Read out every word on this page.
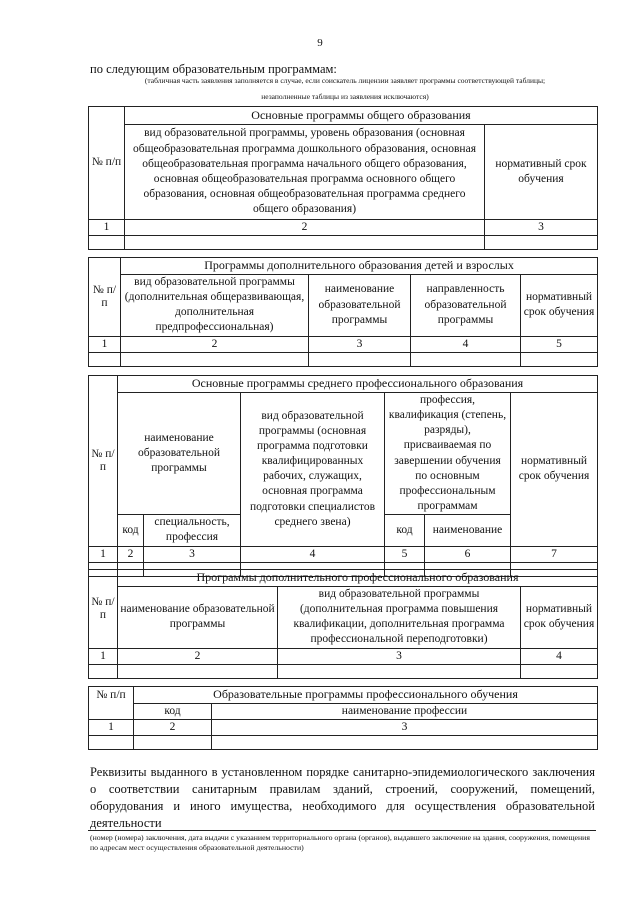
9
по следующим образовательным программам:
(табличная часть заявления заполняется в случае, если соискатель лицензии заявляет программы соответствующей таблицы;
незаполненные таблицы из заявления исключаются)
№ п/п	Основные программы общего образования	
	вид образовательной программы, уровень образования (основная общеобразовательная программа дошкольного образования, основная общеобразовательная программа начального общего образования, основная общеобразовательная программа основного общего образования, основная общеобразовательная программа среднего общего образования)	нормативный срок обучения
1	2	3

№ п/п	Программы дополнительного образования детей и взрослых			
	вид образовательной программы (дополнительная общеразвивающая, дополнительная предпрофессиональная)	наименование образовательной программы	направленность образовательной программы	нормативный срок обучения
1	2	3	4	5

№ п/п	Основные программы среднего профессионального образования					
	наименование образовательной программы		вид образовательной программы (основная программа подготовки квалифицированных рабочих, служащих, основная программа подготовки специалистов среднего звена)	профессия, квалификация (степень, разряды), присваиваемая по завершении обучения по основным профессиональным программам		нормативный срок обучения
	код	специальность, профессия		код	наименование	
1	2	3	4	5	6	7

№ п/п	Программы дополнительного профессионального образования		
	наименование образовательной программы	вид образовательной программы (дополнительная программа повышения квалификации, дополнительная программа профессиональной переподготовки)	нормативный срок обучения
1	2	3	4

№ п/п	Образовательные программы профессионального обучения	
	код	наименование профессии
1	2	3

Реквизиты выданного в установленном порядке санитарно-эпидемиологического заключения о соответствии санитарным правилам зданий, строений, сооружений, помещений, оборудования и иного имущества, необходимого для осуществления образовательной деятельности
(номер (номера) заключения, дата выдачи с указанием территориального органа (органов), выдавшего заключение на здания, сооружения, помещения по адресам мест осуществления образовательной деятельности)
